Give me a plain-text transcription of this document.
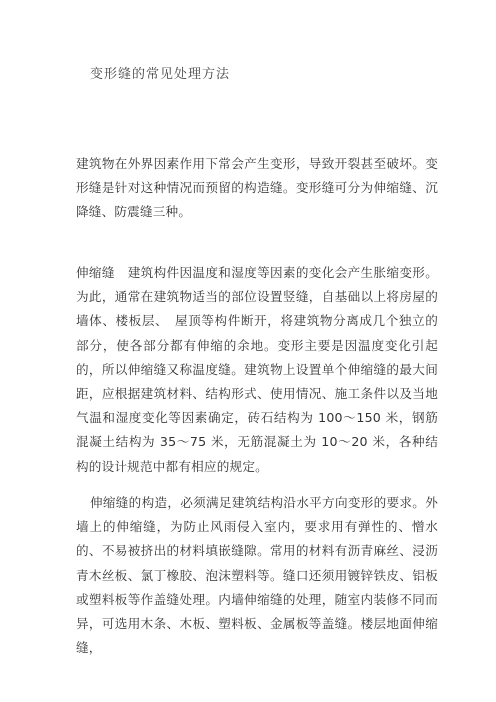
变形缝的常见处理方法

建筑物在外界因素作用下常会产生变形，导致开裂甚至破坏。变形缝是针对这种情况而预留的构造缝。变形缝可分为伸缩缝、沉降缝、防震缝三种。

伸缩缝　建筑构件因温度和湿度等因素的变化会产生胀缩变形。为此，通常在建筑物适当的部位设置竖缝，自基础以上将房屋的墙体、楼板层、　屋顶等构件断开，将建筑物分离成几个独立的部分，使各部分都有伸缩的余地。变形主要是因温度变化引起的，所以伸缩缝又称温度缝。建筑物上设置单个伸缩缝的最大间距，应根据建筑材料、结构形式、使用情况、施工条件以及当地气温和湿度变化等因素确定，砖石结构为 100～150 米，钢筋混凝土结构为 35～75 米，无筋混凝土为 10～20 米，各种结构的设计规范中都有相应的规定。

伸缩缝的构造，必须满足建筑结构沿水平方向变形的要求。外墙上的伸缩缝，为防止风雨侵入室内，要求用有弹性的、憎水的、不易被挤出的材料填嵌缝隙。常用的材料有沥青麻丝、浸沥青木丝板、氯丁橡胶、泡沫塑料等。缝口还须用镀锌铁皮、铝板或塑料板等作盖缝处理。内墙伸缩缝的处理，随室内装修不同而异，可选用木条、木板、塑料板、金属板等盖缝。楼层地面伸缩缝，
